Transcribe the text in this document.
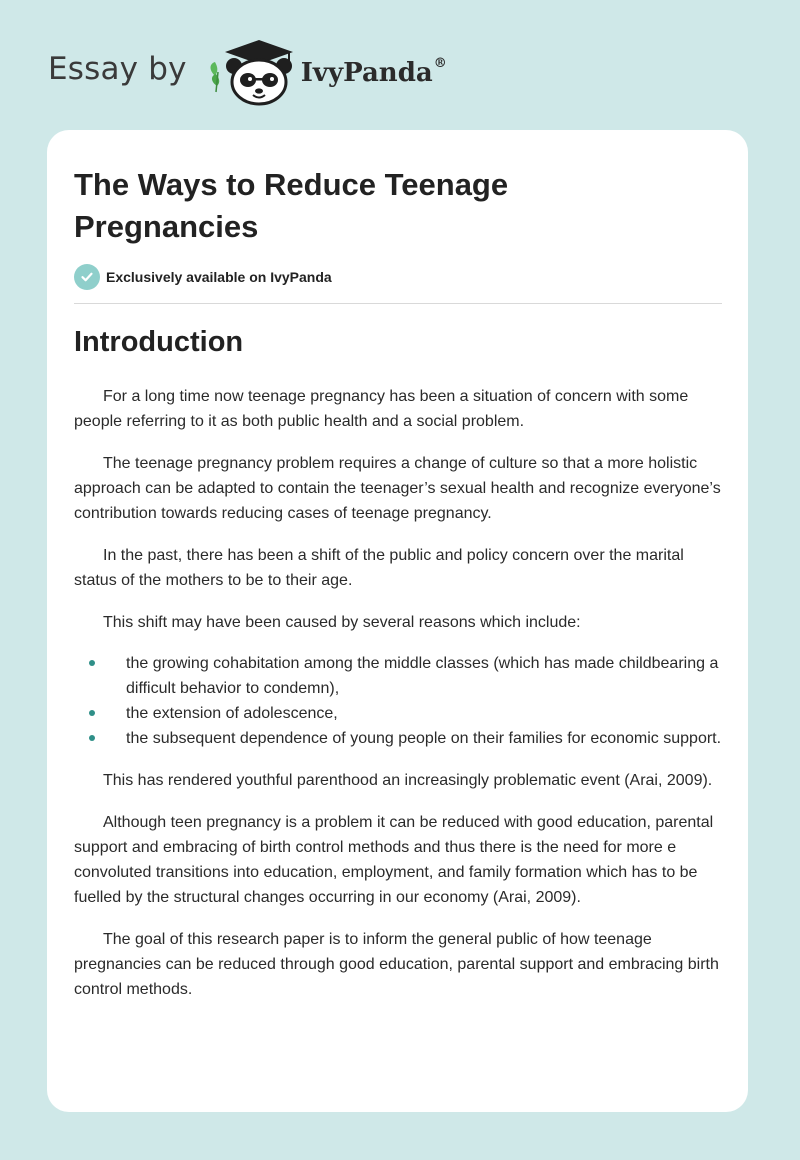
Essay by	IvyPanda®
The Ways to Reduce Teenage Pregnancies
Exclusively available on IvyPanda
Introduction

For a long time now teenage pregnancy has been a situation of concern with some people referring to it as both public health and a social problem.

The teenage pregnancy problem requires a change of culture so that a more holistic approach can be adapted to contain the teenager’s sexual health and recognize everyone’s contribution towards reducing cases of teenage pregnancy.

In the past, there has been a shift of the public and policy concern over the marital status of the mothers to be to their age.

This shift may have been caused by several reasons which include:

the growing cohabitation among the middle classes (which has made childbearing a difficult behavior to condemn),
the extension of adolescence,
the subsequent dependence of young people on their families for economic support.

This has rendered youthful parenthood an increasingly problematic event (Arai, 2009).

Although teen pregnancy is a problem it can be reduced with good education, parental support and embracing of birth control methods and thus there is the need for more e convoluted transitions into education, employment, and family formation which has to be fuelled by the structural changes occurring in our economy (Arai, 2009).

The goal of this research paper is to inform the general public of how teenage pregnancies can be reduced through good education, parental support and embracing birth control methods.
